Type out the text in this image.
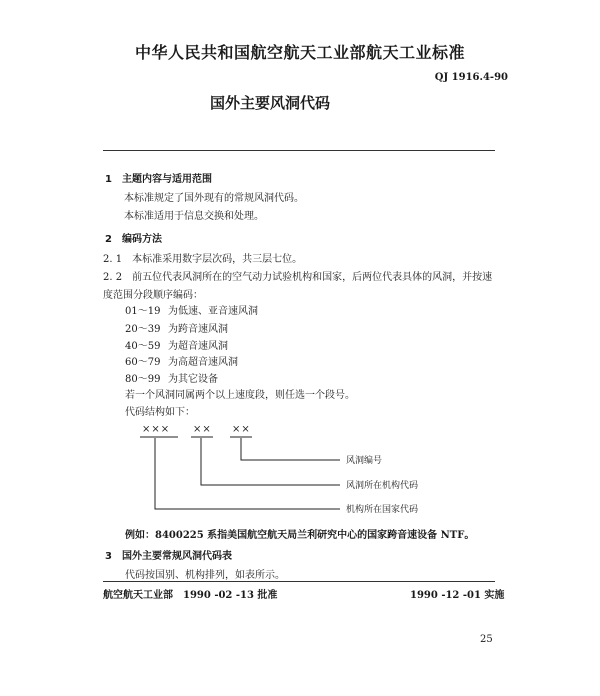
中华人民共和国航空航天工业部航天工业标准
QJ 1916.4-90
国外主要风洞代码
1　主题内容与适用范围
本标准规定了国外现有的常规风洞代码。
本标准适用于信息交换和处理。
2　编码方法
2. 1　本标准采用数字层次码，共三层七位。
2. 2　前五位代表风洞所在的空气动力试验机构和国家，后两位代表具体的风洞，并按速
度范围分段顺序编码：
01～19 为低速、亚音速风洞
20～39 为跨音速风洞
40～59 为超音速风洞
60～79 为高超音速风洞
80～99 为其它设备
若一个风洞同属两个以上速度段，则任选一个段号。
代码结构如下：
××× ×× ××
风洞编号
风洞所在机构代码
机构所在国家代码
例如：8400225 系指美国航空航天局兰利研究中心的国家跨音速设备 NTF。
3　国外主要常规风洞代码表
代码按国别、机构排列，如表所示。
航空航天工业部　1990 -02 -13 批准	1990 -12 -01 实施
25
